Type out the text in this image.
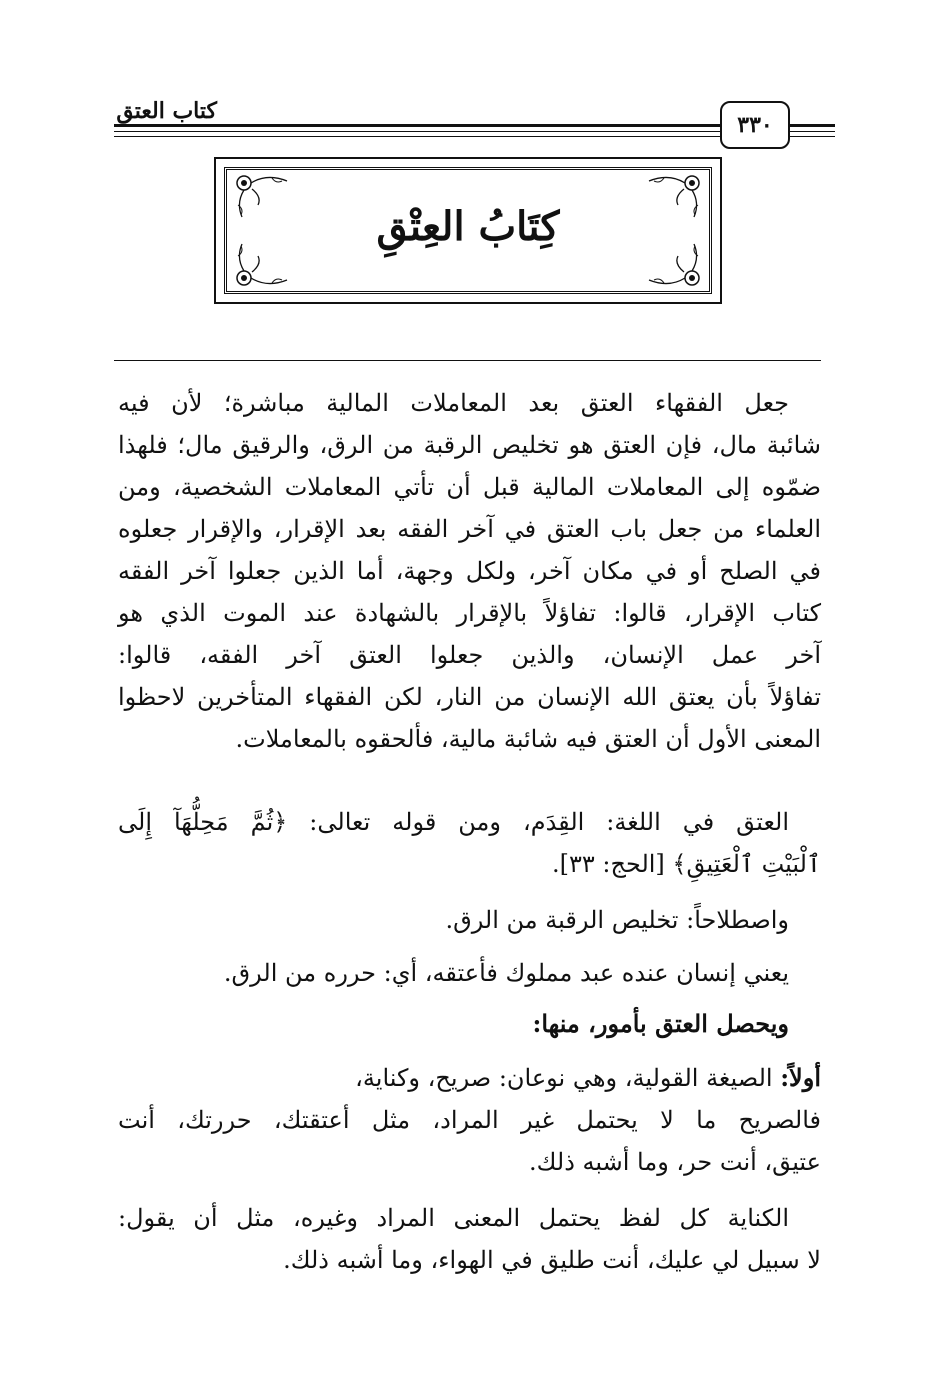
كتاب العتق
٣٣٠
كِتَابُ العِتْقِ
جعل الفقهاء العتق بعد المعاملات المالية مباشرة؛ لأن فيه
شائبة مال، فإن العتق هو تخليص الرقبة من الرق، والرقيق مال؛ فلهذا
ضمّوه إلى المعاملات المالية قبل أن تأتي المعاملات الشخصية، ومن
العلماء من جعل باب العتق في آخر الفقه بعد الإقرار، والإقرار جعلوه
في الصلح أو في مكان آخر، ولكل وجهة، أما الذين جعلوا آخر الفقه
كتاب الإقرار، قالوا: تفاؤلاً بالإقرار بالشهادة عند الموت الذي هو
آخر عمل الإنسان، والذين جعلوا العتق آخر الفقه، قالوا:
تفاؤلاً بأن يعتق الله الإنسان من النار، لكن الفقهاء المتأخرين لاحظوا
المعنى الأول أن العتق فيه شائبة مالية، فألحقوه بالمعاملات.
العتق في اللغة: القِدَم، ومن قوله تعالى: ﴿ثُمَّ مَحِلُّهَآ إِلَى
ٱلْبَيْتِ ٱلْعَتِيقِ﴾ [الحج: ٣٣].
واصطلاحاً: تخليص الرقبة من الرق.
يعني إنسان عنده عبد مملوك فأعتقه، أي: حرره من الرق.
ويحصل العتق بأمور، منها:
أولاً: الصيغة القولية، وهي نوعان: صريح، وكناية،
فالصريح ما لا يحتمل غير المراد، مثل أعتقتك، حررتك، أنت
عتيق، أنت حر، وما أشبه ذلك.
الكناية كل لفظ يحتمل المعنى المراد وغيره، مثل أن يقول:
لا سبيل لي عليك، أنت طليق في الهواء، وما أشبه ذلك.
